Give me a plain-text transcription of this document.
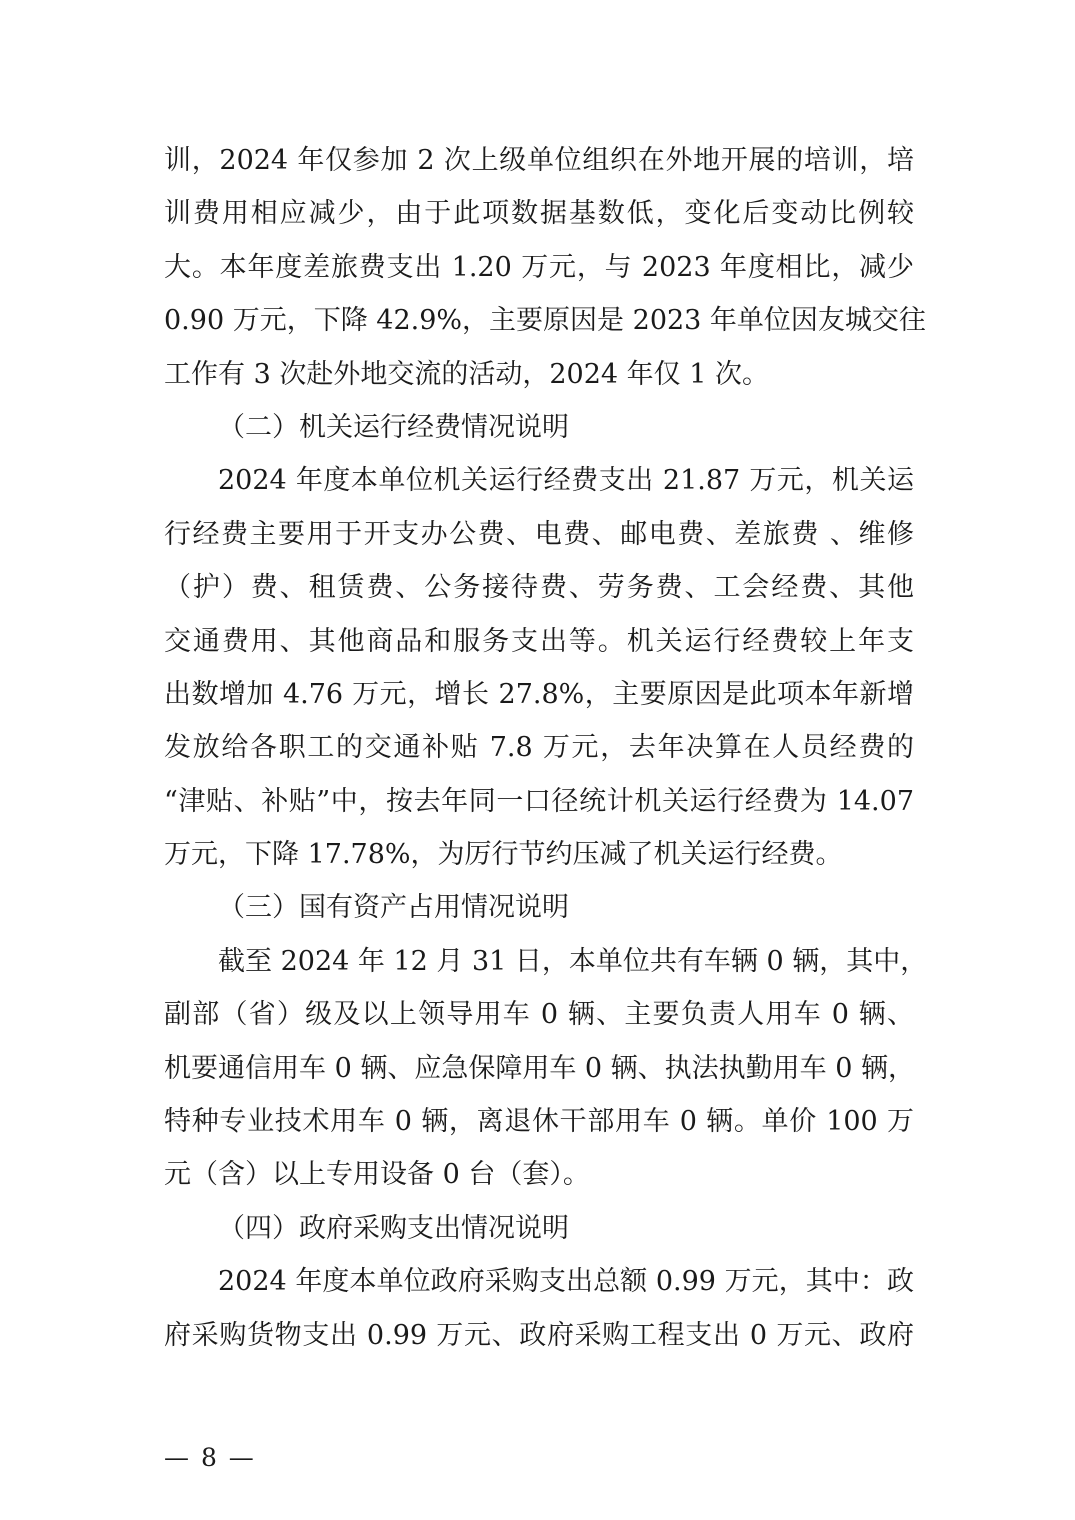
训，2024 年仅参加 2 次上级单位组织在外地开展的培训，培
训费用相应减少，由于此项数据基数低，变化后变动比例较
大。本年度差旅费支出 1.20 万元，与 2023 年度相比，减少
0.90 万元，下降 42.9%，主要原因是 2023 年单位因友城交往
工作有 3 次赴外地交流的活动，2024 年仅 1 次。
（二）机关运行经费情况说明
2024 年度本单位机关运行经费支出 21.87 万元，机关运
行经费主要用于开支办公费、电费、邮电费、差旅费 、维修
（护）费、租赁费、公务接待费、劳务费、工会经费、其他
交通费用、其他商品和服务支出等。机关运行经费较上年支
出数增加 4.76 万元，增长 27.8%，主要原因是此项本年新增
发放给各职工的交通补贴 7.8 万元，去年决算在人员经费的
“津贴、补贴”中，按去年同一口径统计机关运行经费为 14.07
万元，下降 17.78%，为厉行节约压减了机关运行经费。
（三）国有资产占用情况说明
截至 2024 年 12 月 31 日，本单位共有车辆 0 辆，其中，
副部（省）级及以上领导用车 0 辆、主要负责人用车 0 辆、
机要通信用车 0 辆、应急保障用车 0 辆、执法执勤用车 0 辆，
特种专业技术用车 0 辆，离退休干部用车 0 辆。单价 100 万
元（含）以上专用设备 0 台（套）。
（四）政府采购支出情况说明
2024 年度本单位政府采购支出总额 0.99 万元，其中：政
府采购货物支出 0.99 万元、政府采购工程支出 0 万元、政府
— 8 —
